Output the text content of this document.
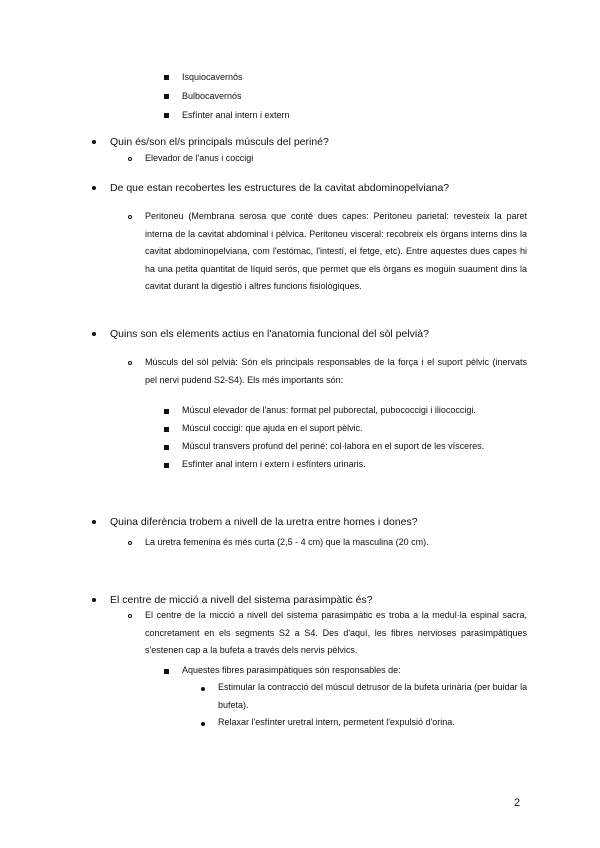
Isquiocavernós
Bulbocavernós
Esfínter anal intern i extern
Quin és/son el/s principals músculs del periné?
Elevador de l'anus i coccigi
De que estan recobertes les estructures de la cavitat abdominopelviana?
Peritoneu (Membrana serosa que conté dues capes: Peritoneu parietal: revesteix la paret interna de la cavitat abdominal i pèlvica. Peritoneu visceral: recobreix els òrgans interns dins la cavitat abdominopelviana, com l'estómac, l'intestí, el fetge, etc). Entre aquestes dues capes hi ha una petita quantitat de líquid serós, que permet que els òrgans es moguin suaument dins la cavitat durant la digestió i altres funcions fisiològiques.
Quins son els elements actius en l'anatomia funcional del sòl pelvià?
Músculs del sòl pelvià: Són els principals responsables de la força i el suport pèlvic (inervats pel nervi pudend S2-S4). Els més importants són:
Múscul elevador de l'anus: format pel puborectal, pubococcigi i iliococcigi.
Múscul coccigi: que ajuda en el suport pèlvic.
Múscul transvers profund del periné: col·labora en el suport de les vísceres.
Esfínter anal intern i extern i esfínters urinaris.
Quina diferència trobem a nivell de la uretra entre homes i dones?
La uretra femenina és més curta (2,5 - 4 cm) que la masculina (20 cm).
El centre de micció a nivell del sistema parasimpàtic és?
El centre de la micció a nivell del sistema parasimpàtic es troba a la medul·la espinal sacra, concretament en els segments S2 a S4. Des d'aquí, les fibres nervioses parasimpàtiques s'estenen cap a la bufeta a través dels nervis pèlvics.
Aquestes fibres parasimpàtiques són responsables de:
Estimular la contracció del múscul detrusor de la bufeta urinària (per buidar la bufeta).
Relaxar l'esfínter uretral intern, permetent l'expulsió d'orina.
2
